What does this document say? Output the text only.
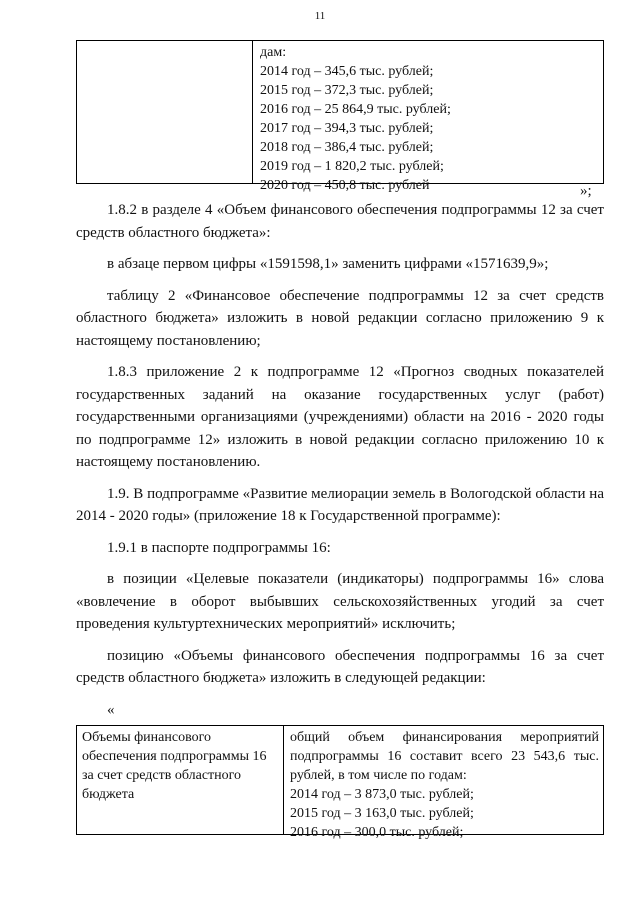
11
дам:
2014 год – 345,6 тыс. рублей;
2015 год – 372,3 тыс. рублей;
2016 год – 25 864,9 тыс. рублей;
2017 год – 394,3 тыс. рублей;
2018 год – 386,4 тыс. рублей;
2019 год – 1 820,2 тыс. рублей;
2020 год – 450,8 тыс. рублей	»;

1.8.2 в разделе 4 «Объем финансового обеспечения подпрограммы 12 за счет средств областного бюджета»:

в абзаце первом цифры «1591598,1» заменить цифрами «1571639,9»;

таблицу 2 «Финансовое обеспечение подпрограммы 12 за счет средств областного бюджета» изложить в новой редакции согласно приложению 9 к настоящему постановлению;

1.8.3 приложение 2 к подпрограмме 12 «Прогноз сводных показателей государственных заданий на оказание государственных услуг (работ) государственными организациями (учреждениями) области на 2016 - 2020 годы по подпрограмме 12» изложить в новой редакции согласно приложению 10 к настоящему постановлению.

1.9. В подпрограмме «Развитие мелиорации земель в Вологодской области на 2014 - 2020 годы» (приложение 18 к Государственной программе):

1.9.1 в паспорте подпрограммы 16:

в позиции «Целевые показатели (индикаторы) подпрограммы 16» слова «вовлечение в оборот выбывших сельскохозяйственных угодий за счет проведения культуртехнических мероприятий» исключить;

позицию «Объемы финансового обеспечения подпрограммы 16 за счет средств областного бюджета» изложить в следующей редакции:

«

Объемы финансового обеспечения подпрограммы 16 за счет средств областного бюджета
общий объем финансирования мероприятий подпрограммы 16 составит всего 23 543,6 тыс. рублей, в том числе по годам:
2014 год – 3 873,0 тыс. рублей;
2015 год – 3 163,0 тыс. рублей;
2016 год – 300,0 тыс. рублей;
